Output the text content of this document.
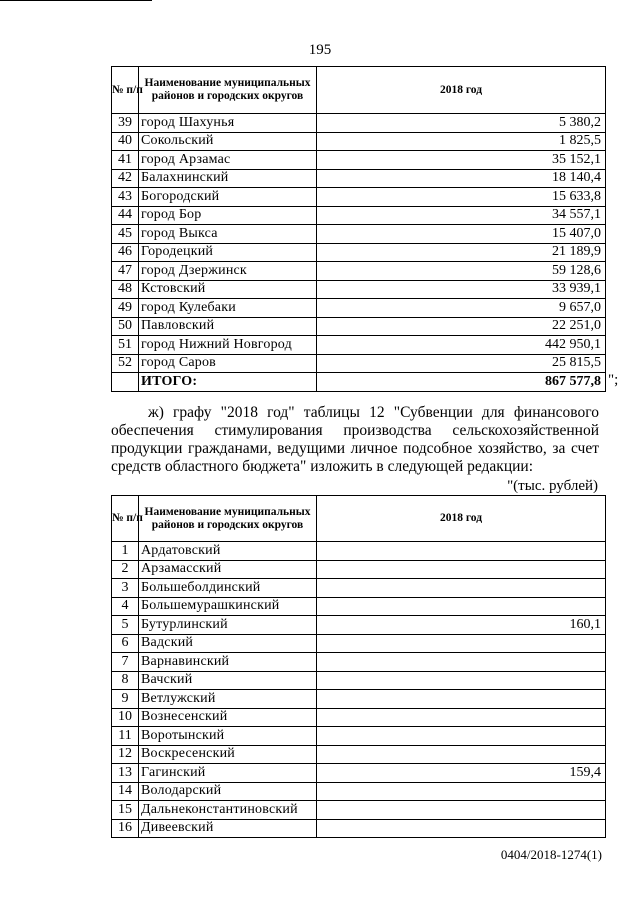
195
№ п/п	Наименование муниципальных районов и городских округов	2018 год
39	город Шахунья	5 380,2
40	Сокольский	1 825,5
41	город Арзамас	35 152,1
42	Балахнинский	18 140,4
43	Богородский	15 633,8
44	город Бор	34 557,1
45	город Выкса	15 407,0
46	Городецкий	21 189,9
47	город Дзержинск	59 128,6
48	Кстовский	33 939,1
49	город Кулебаки	9 657,0
50	Павловский	22 251,0
51	город Нижний Новгород	442 950,1
52	город Саров	25 815,5
	ИТОГО:	867 577,8 ";
ж) графу "2018 год" таблицы 12 "Субвенции для финансового
обеспечения стимулирования производства сельскохозяйственной
продукции гражданами, ведущими личное подсобное хозяйство, за счет
средств областного бюджета" изложить в следующей редакции:
"(тыс. рублей)
№ п/п	Наименование муниципальных районов и городских округов	2018 год
1	Ардатовский	
2	Арзамасский	
3	Большеболдинский	
4	Большемурашкинский	
5	Бутурлинский	160,1
6	Вадский	
7	Варнавинский	
8	Вачский	
9	Ветлужский	
10	Вознесенский	
11	Воротынский	
12	Воскресенский	
13	Гагинский	159,4
14	Володарский	
15	Дальнеконстантиновский	
16	Дивеевский	
0404/2018-1274(1)
